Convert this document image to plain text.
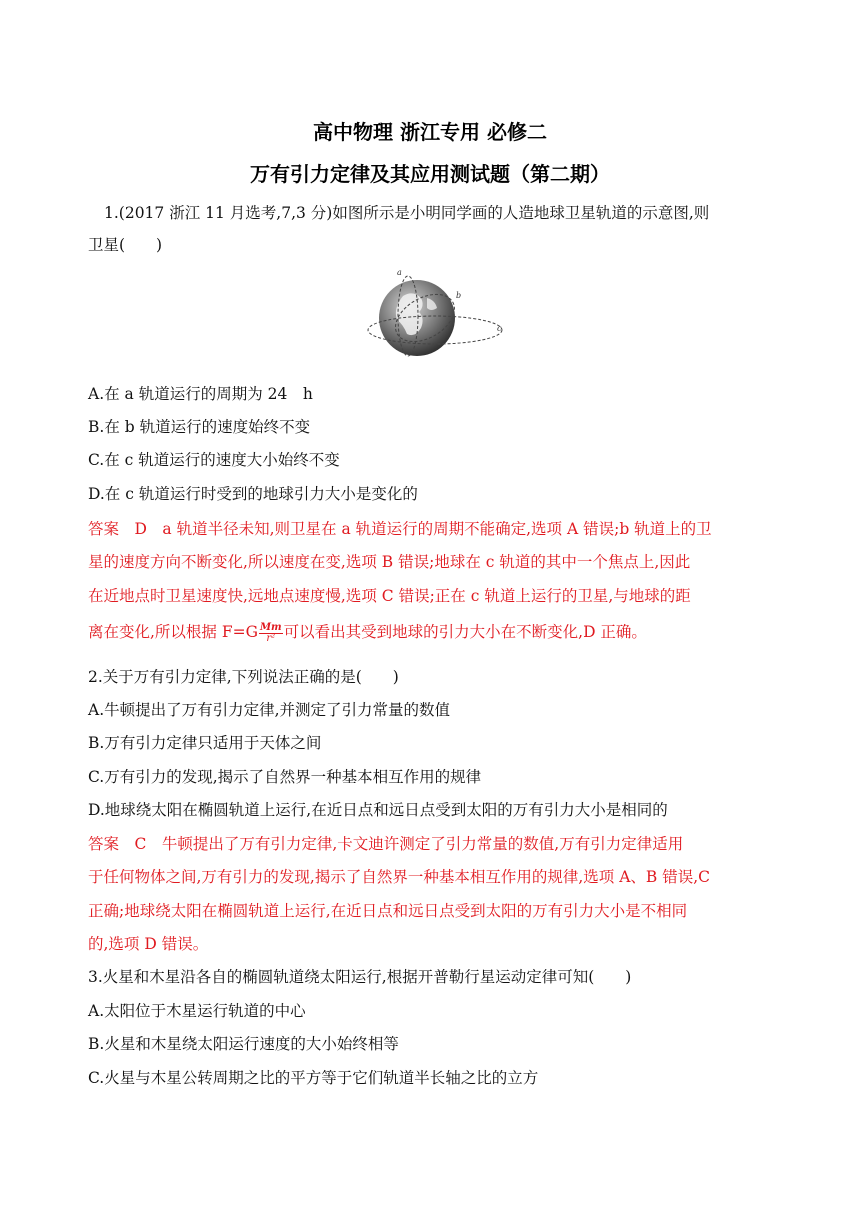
高中物理 浙江专用 必修二
万有引力定律及其应用测试题（第二期）
1.(2017 浙江 11 月选考,7,3 分)如图所示是小明同学画的人造地球卫星轨道的示意图,则
卫星(　　)
a
b
c
A.在 a 轨道运行的周期为 24　h
B.在 b 轨道运行的速度始终不变
C.在 c 轨道运行的速度大小始终不变
D.在 c 轨道运行时受到的地球引力大小是变化的
答案　D　a 轨道半径未知,则卫星在 a 轨道运行的周期不能确定,选项 A 错误;b 轨道上的卫
星的速度方向不断变化,所以速度在变,选项 B 错误;地球在 c 轨道的其中一个焦点上,因此
在近地点时卫星速度快,远地点速度慢,选项 C 错误;正在 c 轨道上运行的卫星,与地球的距
离在变化,所以根据 $F=G \frac{Mm}{\text{r²}}$ 可以看出其受到地球的引力大小在不断变化,D 正确。
2.关于万有引力定律,下列说法正确的是(　　)
A.牛顿提出了万有引力定律,并测定了引力常量的数值
B.万有引力定律只适用于天体之间
C.万有引力的发现,揭示了自然界一种基本相互作用的规律
D.地球绕太阳在椭圆轨道上运行,在近日点和远日点受到太阳的万有引力大小是相同的
答案　C　牛顿提出了万有引力定律,卡文迪许测定了引力常量的数值,万有引力定律适用
于任何物体之间,万有引力的发现,揭示了自然界一种基本相互作用的规律,选项 A、B 错误,C
正确;地球绕太阳在椭圆轨道上运行,在近日点和远日点受到太阳的万有引力大小是不相同
的,选项 D 错误。
3.火星和木星沿各自的椭圆轨道绕太阳运行,根据开普勒行星运动定律可知(　　)
A.太阳位于木星运行轨道的中心
B.火星和木星绕太阳运行速度的大小始终相等
C.火星与木星公转周期之比的平方等于它们轨道半长轴之比的立方
